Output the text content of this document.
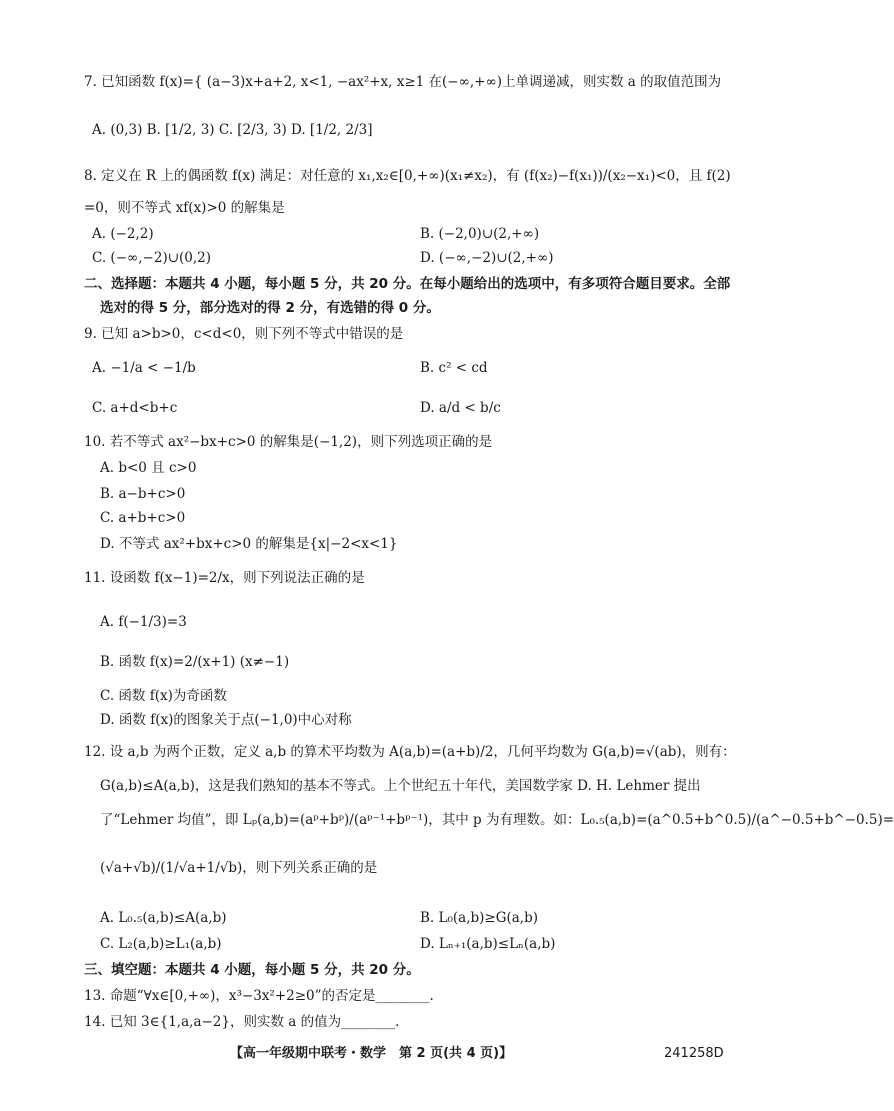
7. 已知函数 f(x)={ (a−3)x+a+2, x<1, −ax²+x, x≥1 在(−∞,+∞)上单调递减，则实数 a 的取值范围为
A. (0,3) B. [1/2, 3) C. [2/3, 3) D. [1/2, 2/3]
8. 定义在 R 上的偶函数 f(x) 满足：对任意的 x₁,x₂∈[0,+∞)(x₁≠x₂)，有 (f(x₂)−f(x₁))/(x₂−x₁)<0，且 f(2)
=0，则不等式 xf(x)>0 的解集是
A. (−2,2)	B. (−2,0)∪(2,+∞)
C. (−∞,−2)∪(0,2)	D. (−∞,−2)∪(2,+∞)
二、选择题：本题共 4 小题，每小题 5 分，共 20 分。在每小题给出的选项中，有多项符合题目要求。全部
选对的得 5 分，部分选对的得 2 分，有选错的得 0 分。
9. 已知 a>b>0，c<d<0，则下列不等式中错误的是
A. −1/a < −1/b	B. c² < cd
C. a+d<b+c	D. a/d < b/c
10. 若不等式 ax²−bx+c>0 的解集是(−1,2)，则下列选项正确的是
A. b<0 且 c>0
B. a−b+c>0
C. a+b+c>0
D. 不等式 ax²+bx+c>0 的解集是{x|−2<x<1}
11. 设函数 f(x−1)=2/x，则下列说法正确的是
A. f(−1/3)=3
B. 函数 f(x)=2/(x+1) (x≠−1)
C. 函数 f(x)为奇函数
D. 函数 f(x)的图象关于点(−1,0)中心对称
12. 设 a,b 为两个正数，定义 a,b 的算术平均数为 A(a,b)=(a+b)/2，几何平均数为 G(a,b)=√(ab)，则有：
G(a,b)≤A(a,b)，这是我们熟知的基本不等式。上个世纪五十年代，美国数学家 D. H. Lehmer 提出
了“Lehmer 均值”，即 Lₚ(a,b)=(aᵖ+bᵖ)/(aᵖ⁻¹+bᵖ⁻¹)，其中 p 为有理数。如：L₀.₅(a,b)=(a^0.5+b^0.5)/(a^−0.5+b^−0.5)=
(√a+√b)/(1/√a+1/√b)，则下列关系正确的是
A. L₀.₅(a,b)≤A(a,b)	B. L₀(a,b)≥G(a,b)
C. L₂(a,b)≥L₁(a,b)	D. Lₙ₊₁(a,b)≤Lₙ(a,b)
三、填空题：本题共 4 小题，每小题 5 分，共 20 分。
13. 命题“∀x∈[0,+∞)，x³−3x²+2≥0”的否定是________.
14. 已知 3∈{1,a,a−2}，则实数 a 的值为________.
【高一年级期中联考・数学　第 2 页(共 4 页)】	241258D
